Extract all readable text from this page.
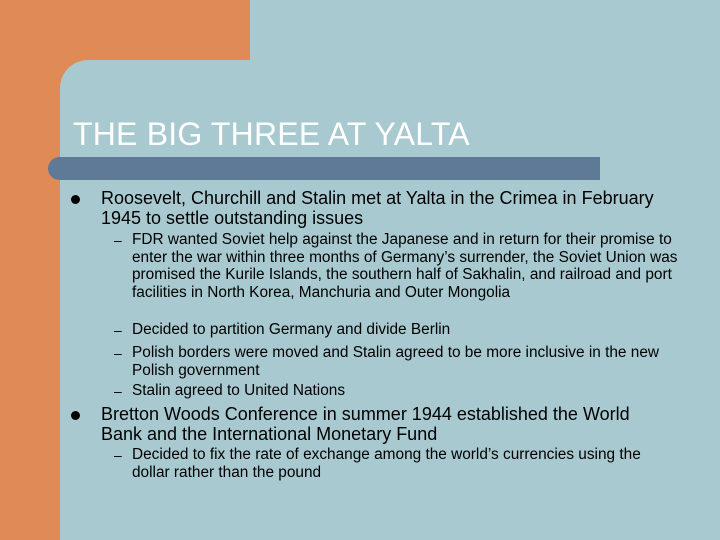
THE BIG THREE AT YALTA

Roosevelt, Churchill and Stalin met at Yalta in the Crimea in February 1945 to settle outstanding issues

– FDR wanted Soviet help against the Japanese and in return for their promise to enter the war within three months of Germany’s surrender, the Soviet Union was promised the Kurile Islands, the southern half of Sakhalin, and railroad and port facilities in North Korea, Manchuria and Outer Mongolia

– Decided to partition Germany and divide Berlin

– Polish borders were moved and Stalin agreed to be more inclusive in the new Polish government

– Stalin agreed to United Nations

Bretton Woods Conference in summer 1944 established the World Bank and the International Monetary Fund

– Decided to fix the rate of exchange among the world’s currencies using the dollar rather than the pound
